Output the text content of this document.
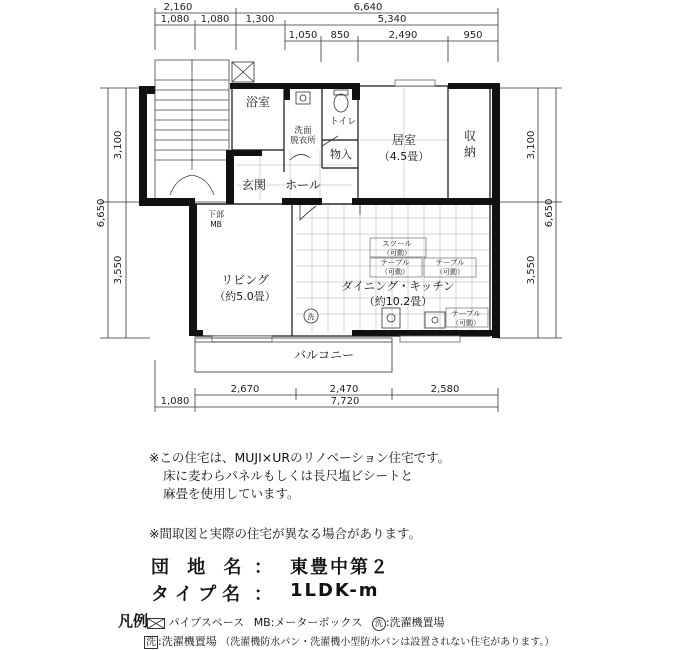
2,160	6,640
1,080 1,080 1,300	5,340
1,050 850	2,490	950
3,100
6,650
3,550
3,100
6,650
3,550
2,670	2,470	2,580
1,080	7,720
浴室
トイレ
洗面
脱衣所
物入
居室
（4.5畳）
収
納
玄関 ホール
下部
MB
リビング
（約5.0畳）
ダイニング・キッチン
（約10.2畳）
スツール
（可動）
テーブル
（可動）
テーブル
（可動）
テーブル
（可動）
バルコニー
洗
※この住宅は、MUJI×URのリノベーション住宅です。
床に麦わらパネルもしくは長尺塩ビシートと
麻畳を使用しています。
※間取図と実際の住宅が異なる場合があります。
団 地 名 ： 東豊中第２
タイプ名 ： 1LDK-m
凡例	パイプスペース MB:メーターボックス 洗 :洗濯機置場
洗 :洗濯機置場 （洗濯機防水パン・洗濯機小型防水パンは設置されない住宅があります。）
